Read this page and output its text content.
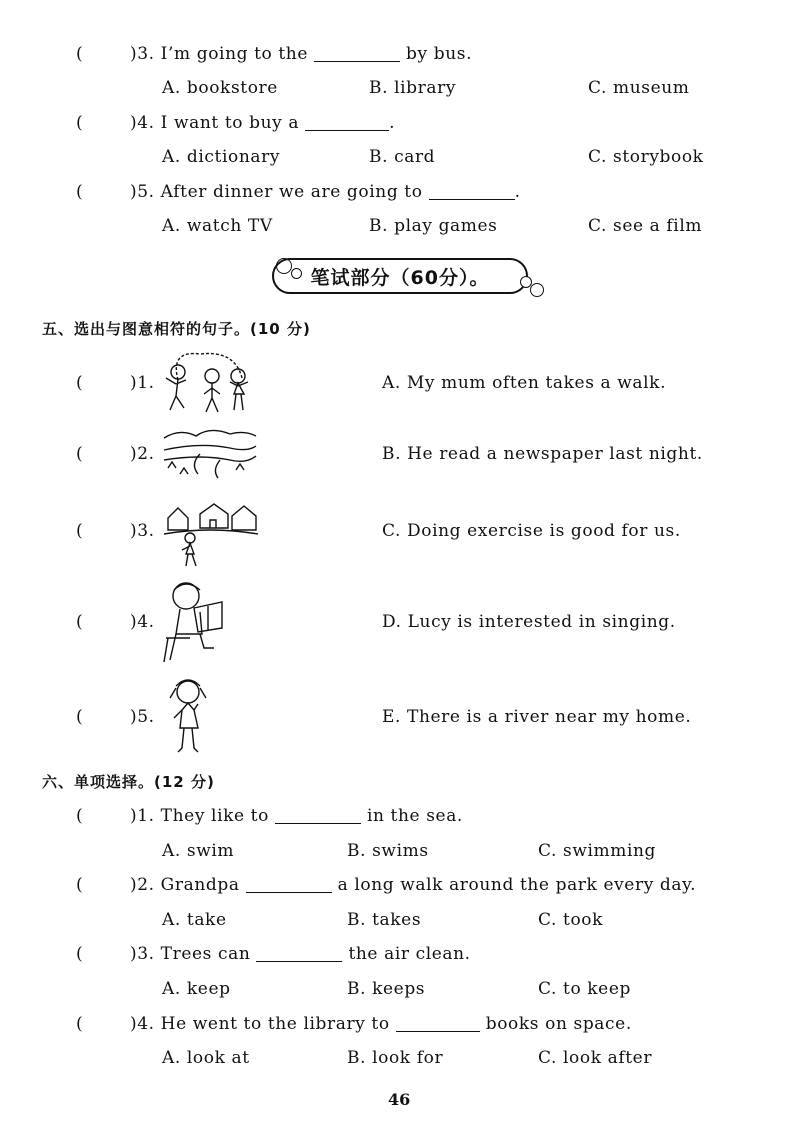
(	)3. I’m going to the	by bus.
A. bookstore	B. library	C. museum
(	)4. I want to buy a	.
A. dictionary	B. card	C. storybook
(	)5. After dinner we are going to	.
A. watch TV	B. play games	C. see a film
笔试部分（60分）。
五、选出与图意相符的句子。(10 分)
(	)1.	A. My mum often takes a walk.
(	)2.	B. He read a newspaper last night.
(	)3.	C. Doing exercise is good for us.
(	)4.	D. Lucy is interested in singing.
(	)5.	E. There is a river near my home.
六、单项选择。(12 分)
(	)1. They like to	in the sea.
A. swim	B. swims	C. swimming
(	)2. Grandpa	a long walk around the park every day.
A. take	B. takes	C. took
(	)3. Trees can	the air clean.
A. keep	B. keeps	C. to keep
(	)4. He went to the library to	books on space.
A. look at	B. look for	C. look after
46
